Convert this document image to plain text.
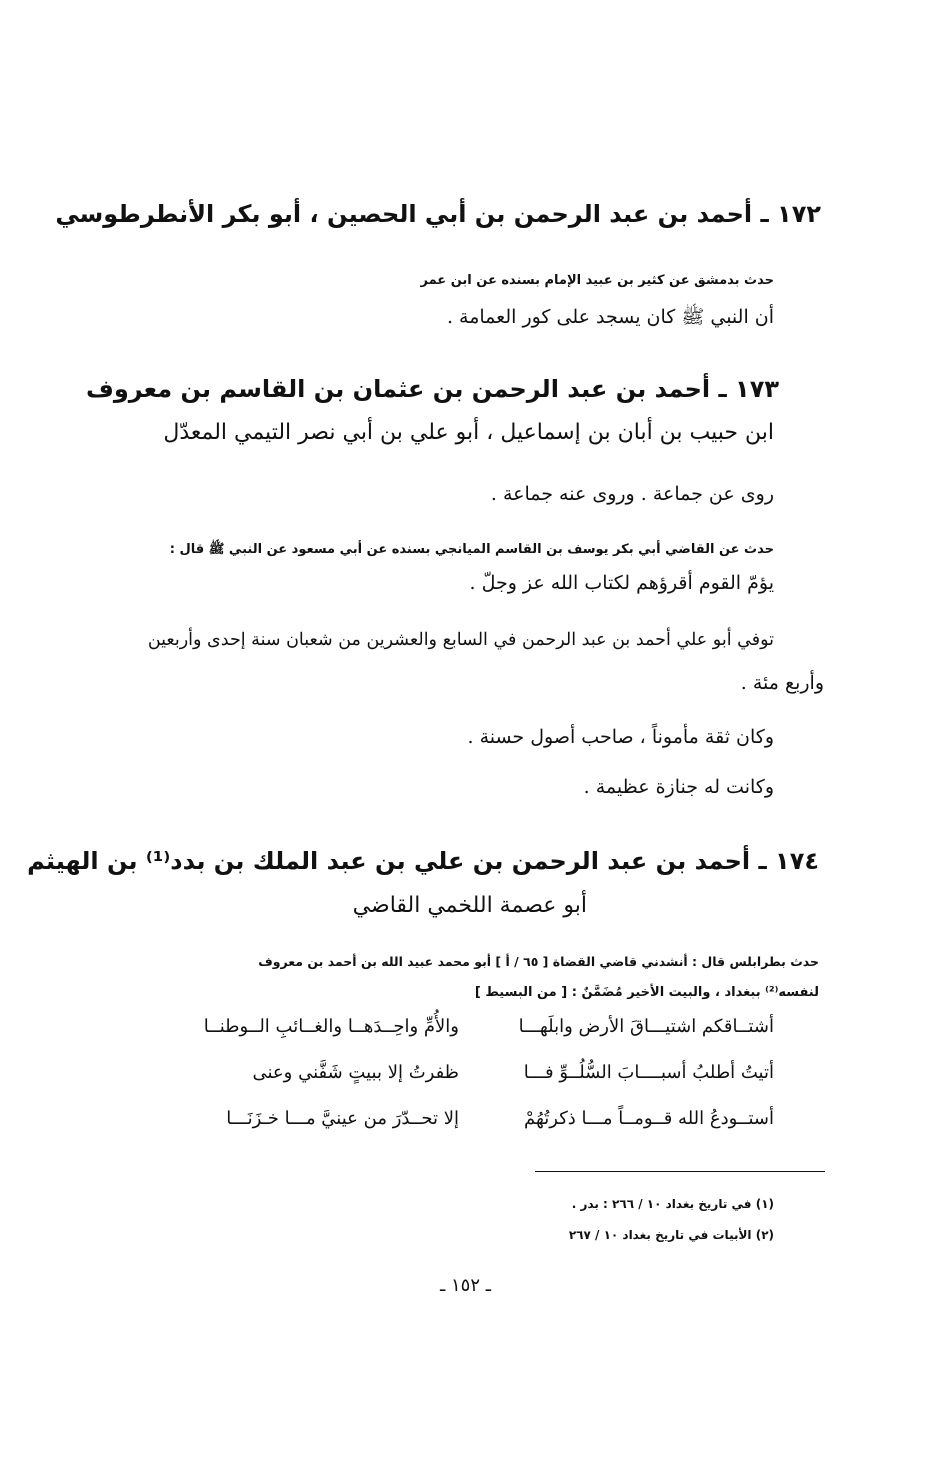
١٧٢ ـ أحمد بن عبد الرحمن بن أبي الحصين ، أبو بكر الأنطرطوسي
حدث بدمشق عن كثير بن عبيد الإمام بسنده عن ابن عمر
أن النبي ﷺ كان يسجد على كور العمامة .
١٧٣ ـ أحمد بن عبد الرحمن بن عثمان بن القاسم بن معروف
ابن حبيب بن أبان بن إسماعيل ، أبو علي بن أبي نصر التيمي المعدّل
روى عن جماعة . وروى عنه جماعة .
حدث عن القاضي أبي بكر يوسف بن القاسم الميانجي بسنده عن أبي مسعود عن النبي ﷺ قال :
يؤمّ القوم أقرؤهم لكتاب الله عز وجلّ .
توفي أبو علي أحمد بن عبد الرحمن في السابع والعشرين من شعبان سنة إحدى وأربعين
وأربع مئة .
وكان ثقة مأموناً ، صاحب أصول حسنة .
وكانت له جنازة عظيمة .
١٧٤ ـ أحمد بن عبد الرحمن بن علي بن عبد الملك بن بدد⁽¹⁾ بن الهيثم
أبو عصمة اللخمي القاضي
حدث بطرابلس قال : أنشدني قاضي القضاة [ ٦٥ / أ ] أبو محمد عبيد الله بن أحمد بن معروف
لنفسه⁽²⁾ ببغداد ، والبيت الأخير مُضَمَّنٌ : [ من البسيط ]
أشتــاقكم اشتيـــاقَ الأرض وابلَهـــا
والأُمِّ واحِــدَهــا والغــائبِ الــوطنــا
أتيتُ أطلبُ أسبــــابَ السُّلُــوِّ فـــا
ظفرتُ إلا ببيتٍ شَفَّني وعنى
أستــودعُ الله قــومــاً مـــا ذكرتُهُمْ
إلا تحــدّرَ من عينيَّ مـــا خـزَنَـــا
(١) في تاريخ بغداد ١٠ / ٢٦٦ : بدر .
(٢) الأبيات في تاريخ بغداد ١٠ / ٢٦٧
ـ ١٥٢ ـ
